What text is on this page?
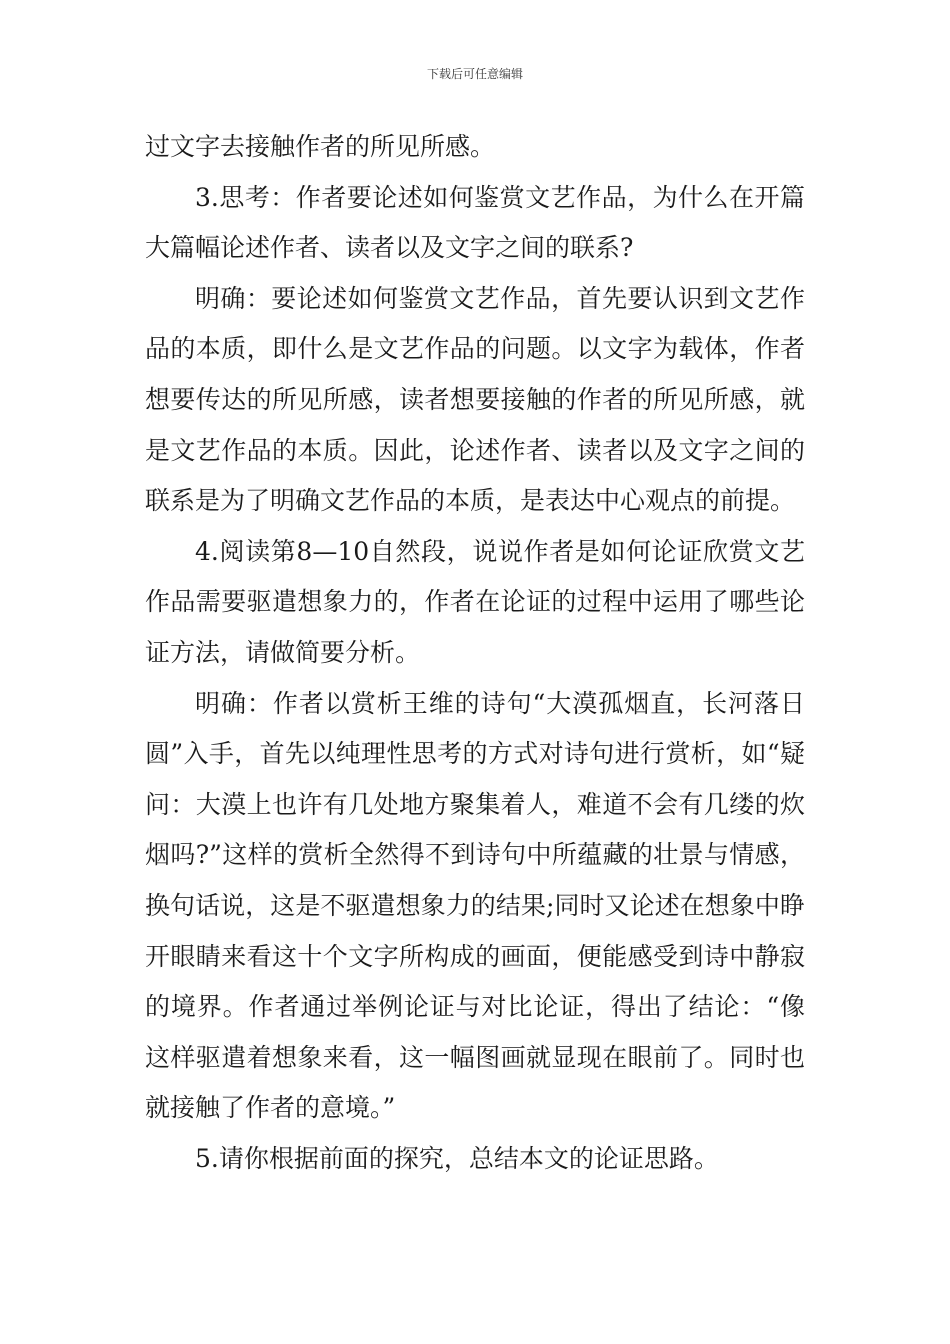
下载后可任意编辑

过文字去接触作者的所见所感。

3.思考：作者要论述如何鉴赏文艺作品，为什么在开篇大篇幅论述作者、读者以及文字之间的联系?

明确：要论述如何鉴赏文艺作品，首先要认识到文艺作品的本质，即什么是文艺作品的问题。以文字为载体，作者想要传达的所见所感，读者想要接触的作者的所见所感，就是文艺作品的本质。因此，论述作者、读者以及文字之间的联系是为了明确文艺作品的本质，是表达中心观点的前提。

4.阅读第8—10自然段，说说作者是如何论证欣赏文艺作品需要驱遣想象力的，作者在论证的过程中运用了哪些论证方法，请做简要分析。

明确：作者以赏析王维的诗句“大漠孤烟直，长河落日圆”入手，首先以纯理性思考的方式对诗句进行赏析，如“疑问：大漠上也许有几处地方聚集着人，难道不会有几缕的炊烟吗?”这样的赏析全然得不到诗句中所蕴藏的壮景与情感，换句话说，这是不驱遣想象力的结果;同时又论述在想象中睁开眼睛来看这十个文字所构成的画面，便能感受到诗中静寂的境界。作者通过举例论证与对比论证，得出了结论：“像这样驱遣着想象来看，这一幅图画就显现在眼前了。同时也就接触了作者的意境。”

5.请你根据前面的探究，总结本文的论证思路。
